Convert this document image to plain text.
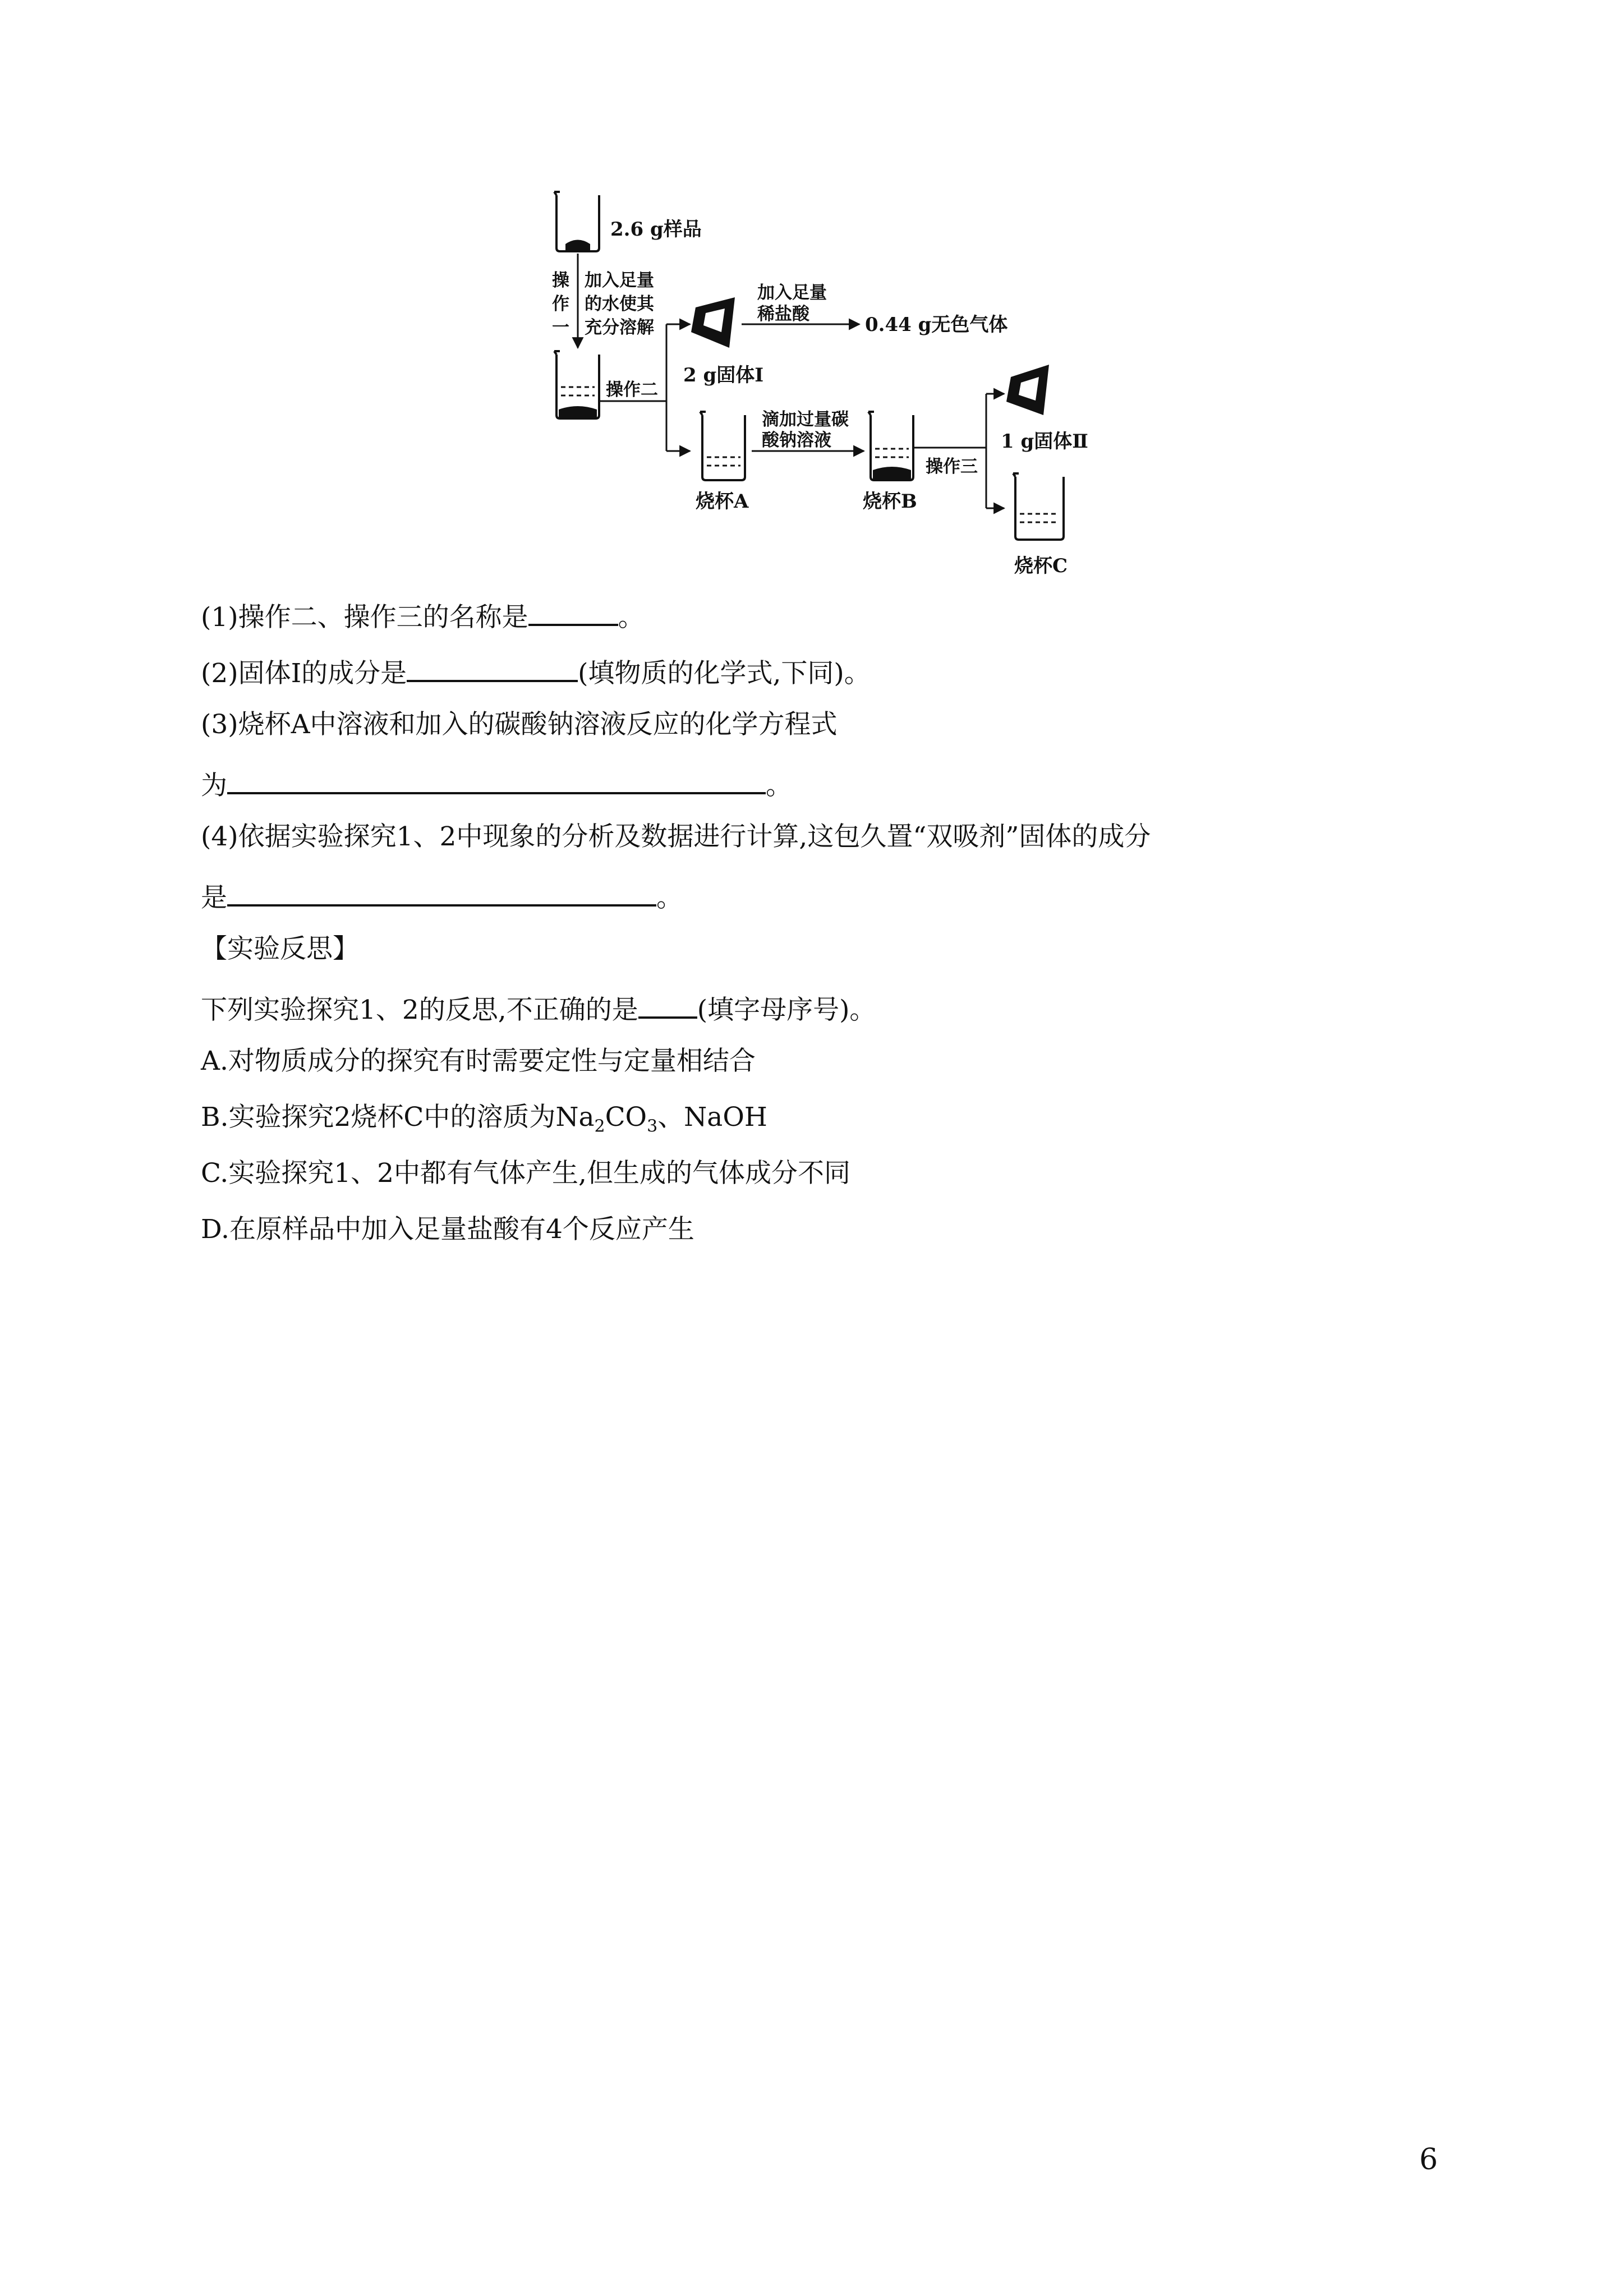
2.6 g样品
操
作
一
加入足量
的水使其
充分溶解
操作二
2 g固体Ⅰ
加入足量
稀盐酸	0.44 g无色气体
烧杯A
滴加过量碳
酸钠溶液
烧杯B
操作三
1 g固体Ⅱ
烧杯C
(1)操作二、操作三的名称是	。
(2)固体Ⅰ的成分是	(填物质的化学式,下同)。
(3)烧杯A中溶液和加入的碳酸钠溶液反应的化学方程式
为	。
(4)依据实验探究1、2中现象的分析及数据进行计算,这包久置“双吸剂”固体的成分
是	。
【实验反思】
下列实验探究1、2的反思,不正确的是 (填字母序号)。
A.对物质成分的探究有时需要定性与定量相结合
B.实验探究2烧杯C中的溶质为$Na_2CO_3$、NaOH
C.实验探究1、2中都有气体产生,但生成的气体成分不同
D.在原样品中加入足量盐酸有4个反应产生
6
